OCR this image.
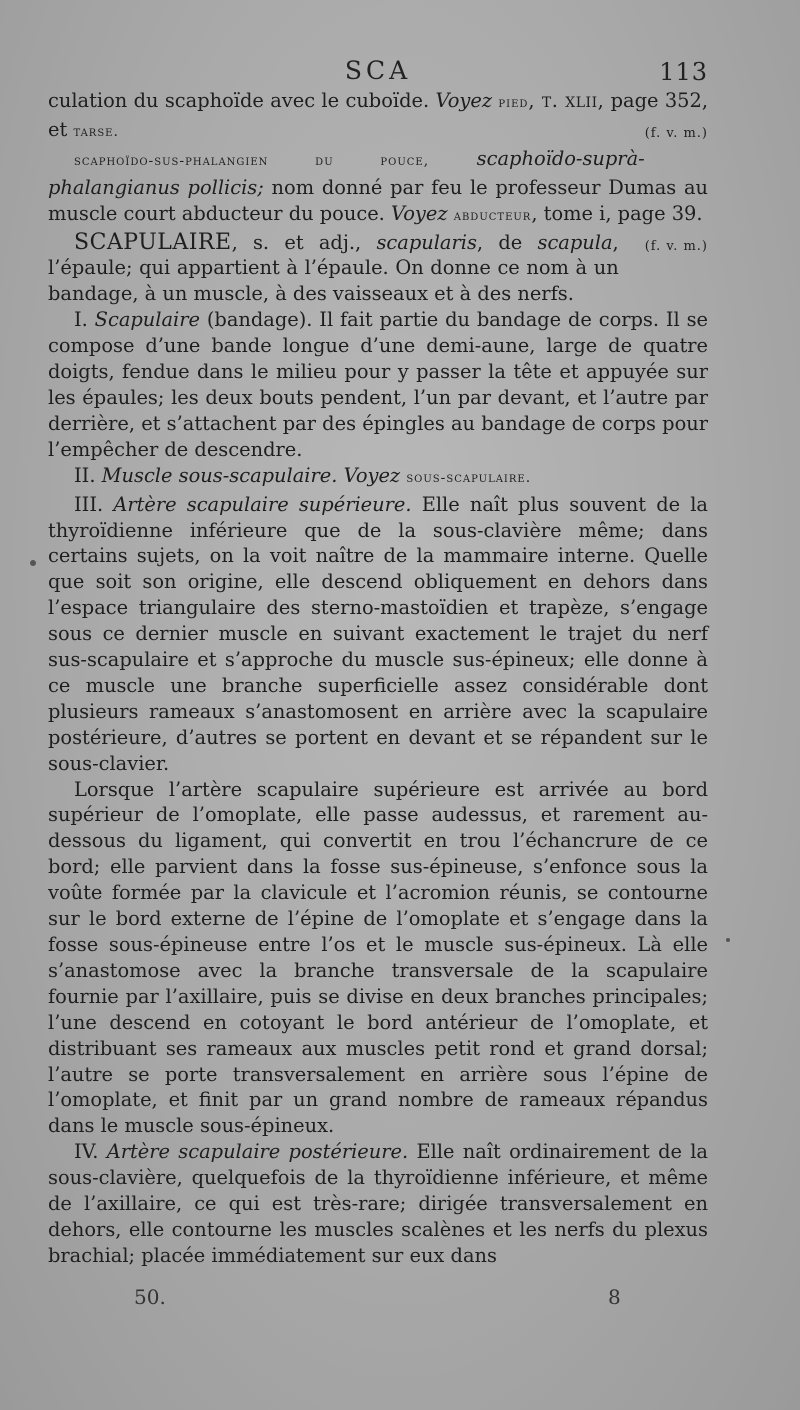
SCA	113

culation du scaphoïde avec le cuboïde. Voyez pied, t. xlii, page 352, et tarse.	(f. v. m.)

scaphoïdo-sus-phalangien du pouce, scaphoïdo-suprà-phalangianus pollicis; nom donné par feu le professeur Dumas au muscle court abducteur du pouce. Voyez abducteur, tome i, page 39.
(f. v. m.)

SCAPULAIRE, s. et adj., scapularis, de scapula, l’épaule; qui appartient à l’épaule. On donne ce nom à un bandage, à un muscle, à des vaisseaux et à des nerfs.

I. Scapulaire (bandage). Il fait partie du bandage de corps. Il se compose d’une bande longue d’une demi-aune, large de quatre doigts, fendue dans le milieu pour y passer la tête et appuyée sur les épaules; les deux bouts pendent, l’un par devant, et l’autre par derrière, et s’attachent par des épingles au bandage de corps pour l’empêcher de descendre.

II. Muscle sous-scapulaire. Voyez sous-scapulaire.

III. Artère scapulaire supérieure. Elle naît plus souvent de la thyroïdienne inférieure que de la sous-clavière même; dans certains sujets, on la voit naître de la mammaire interne. Quelle que soit son origine, elle descend obliquement en dehors dans l’espace triangulaire des sterno-mastoïdien et trapèze, s’engage sous ce dernier muscle en suivant exactement le trajet du nerf sus-scapulaire et s’approche du muscle sus-épineux; elle donne à ce muscle une branche superficielle assez considérable dont plusieurs rameaux s’anastomosent en arrière avec la scapulaire postérieure, d’autres se portent en devant et se répandent sur le sous-clavier.

Lorsque l’artère scapulaire supérieure est arrivée au bord supérieur de l’omoplate, elle passe audessus, et rarement au-dessous du ligament, qui convertit en trou l’échancrure de ce bord; elle parvient dans la fosse sus-épineuse, s’enfonce sous la voûte formée par la clavicule et l’acromion réunis, se contourne sur le bord externe de l’épine de l’omoplate et s’engage dans la fosse sous-épineuse entre l’os et le muscle sus-épineux. Là elle s’anastomose avec la branche transversale de la scapulaire fournie par l’axillaire, puis se divise en deux branches principales; l’une descend en cotoyant le bord antérieur de l’omoplate, et distribuant ses rameaux aux muscles petit rond et grand dorsal; l’autre se porte transversalement en arrière sous l’épine de l’omoplate, et finit par un grand nombre de rameaux répandus dans le muscle sous-épineux.

IV. Artère scapulaire postérieure. Elle naît ordinairement de la sous-clavière, quelquefois de la thyroïdienne inférieure, et même de l’axillaire, ce qui est très-rare; dirigée transversalement en dehors, elle contourne les muscles scalènes et les nerfs du plexus brachial; placée immédiatement sur eux dans

50.	8
